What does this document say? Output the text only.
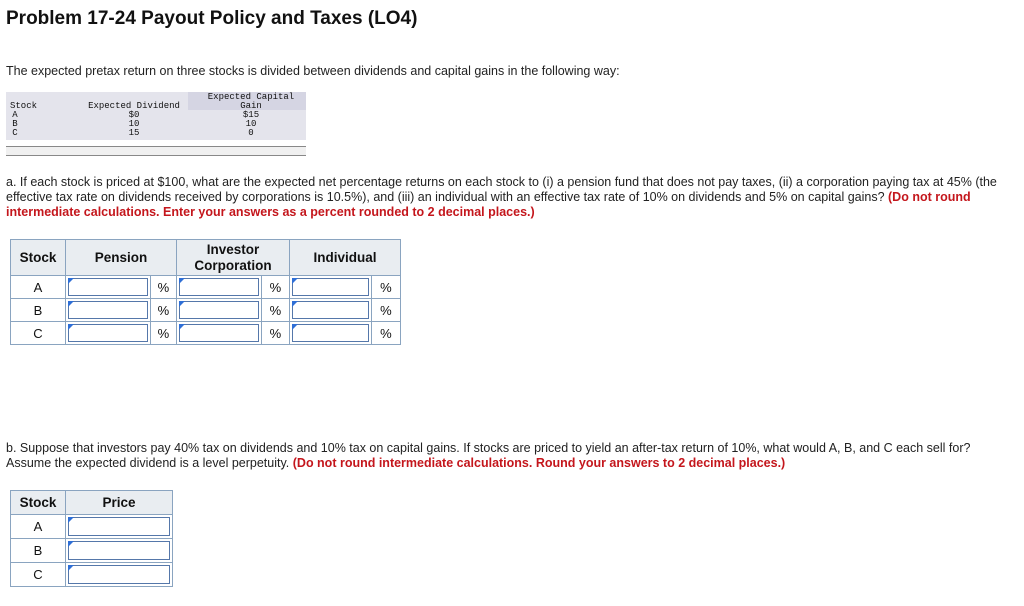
Problem 17-24 Payout Policy and Taxes (LO4)
The expected pretax return on three stocks is divided between dividends and capital gains in the following way:
Expected Capital
Stock	Expected Dividend	Gain
A	$0	$15
B	10	10
C	15	0
a. If each stock is priced at $100, what are the expected net percentage returns on each stock to (i) a pension fund that does not pay taxes, (ii) a corporation paying tax at 45% (the effective tax rate on dividends received by corporations is 10.5%), and (iii) an individual with an effective tax rate of 10% on dividends and 5% on capital gains? (Do not round intermediate calculations. Enter your answers as a percent rounded to 2 decimal places.)
Stock	Pension		Investor
Corporation		Individual	
A		%		%		%
B		%		%		%
C		%		%		%
b. Suppose that investors pay 40% tax on dividends and 10% tax on capital gains. If stocks are priced to yield an after-tax return of 10%, what would A, B, and C each sell for? Assume the expected dividend is a level perpetuity. (Do not round intermediate calculations. Round your answers to 2 decimal places.)
Stock	Price
A	

B	

C	
